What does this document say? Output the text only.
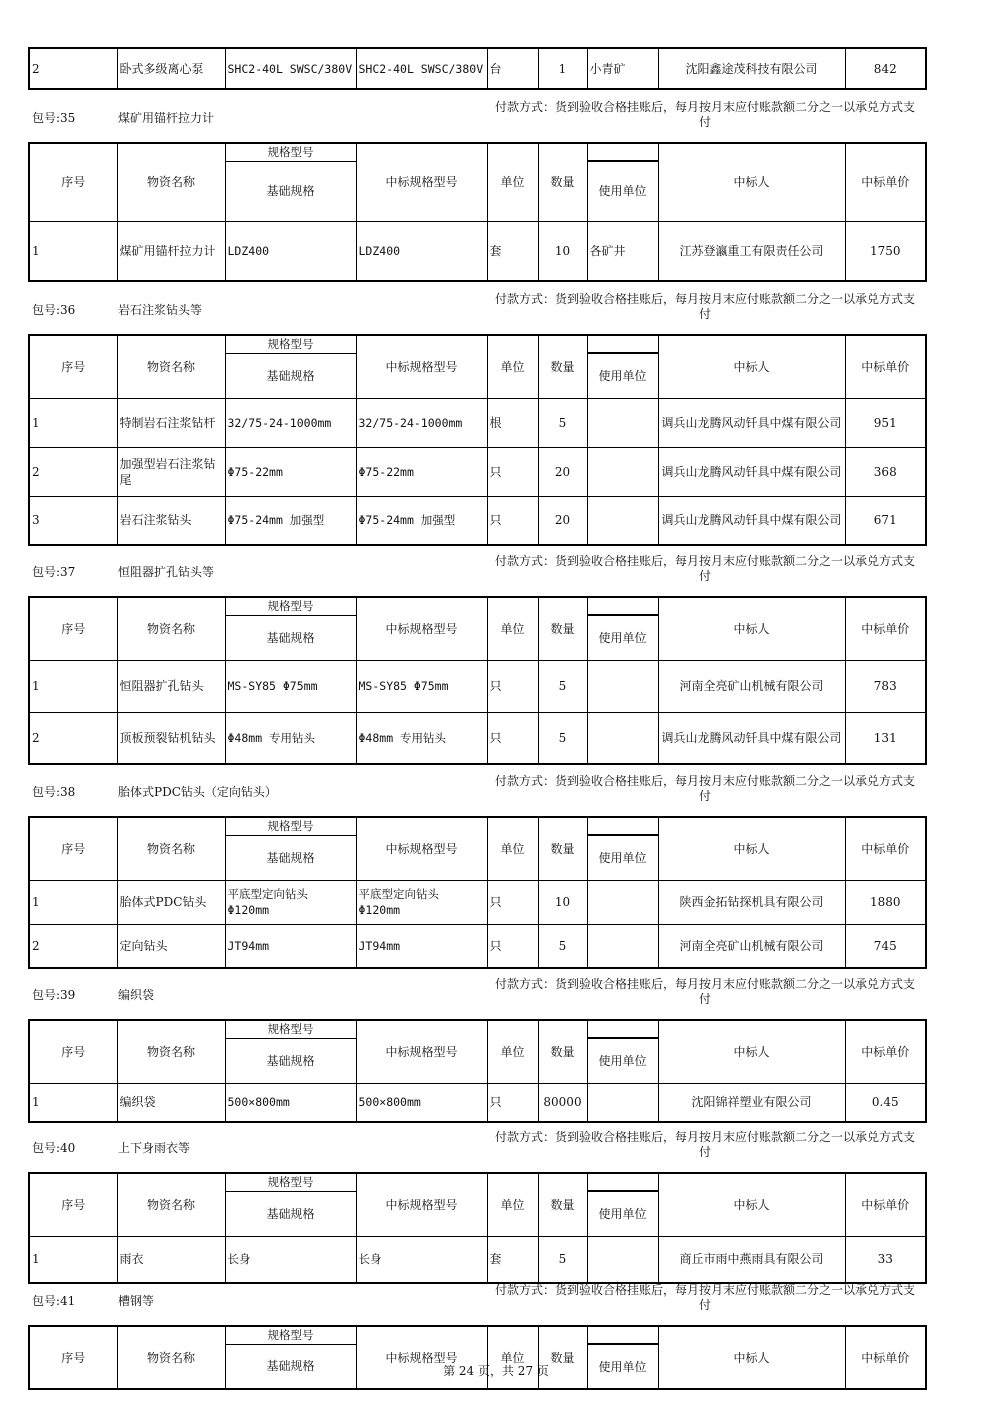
2	卧式多级离心泵	SHC2-40L SWSC/380V	SHC2-40L SWSC/380V	台	1	小青矿	沈阳鑫途茂科技有限公司	842
包号:35	煤矿用锚杆拉力计
付款方式：货到验收合格挂账后，每月按月末应付账款额二分之一以承兑方式支付
序号	物资名称	规格型号	中标规格型号	单位	数量		中标人	中标单价
		基础规格				使用单位		
1	煤矿用锚杆拉力计	LDZ400	LDZ400	套	10	各矿井	江苏登瀛重工有限责任公司	1750
包号:36	岩石注浆钻头等
付款方式：货到验收合格挂账后，每月按月末应付账款额二分之一以承兑方式支付
序号	物资名称	规格型号	中标规格型号	单位	数量		中标人	中标单价
		基础规格				使用单位		
1	特制岩石注浆钻杆	32/75-24-1000mm	32/75-24-1000mm	根	5		调兵山龙腾风动钎具中煤有限公司	951
2	加强型岩石注浆钻尾	Φ75-22mm	Φ75-22mm	只	20		调兵山龙腾风动钎具中煤有限公司	368
3	岩石注浆钻头	Φ75-24mm 加强型	Φ75-24mm 加强型	只	20		调兵山龙腾风动钎具中煤有限公司	671
包号:37	恒阻器扩孔钻头等
付款方式：货到验收合格挂账后，每月按月末应付账款额二分之一以承兑方式支付
序号	物资名称	规格型号	中标规格型号	单位	数量		中标人	中标单价
		基础规格				使用单位		
1	恒阻器扩孔钻头	MS-SY85 Φ75mm	MS-SY85 Φ75mm	只	5		河南全亮矿山机械有限公司	783
2	顶板预裂钻机钻头	Φ48mm 专用钻头	Φ48mm 专用钻头	只	5		调兵山龙腾风动钎具中煤有限公司	131
包号:38	胎体式PDC钻头（定向钻头）
付款方式：货到验收合格挂账后，每月按月末应付账款额二分之一以承兑方式支付
序号	物资名称	规格型号	中标规格型号	单位	数量		中标人	中标单价
		基础规格				使用单位		
1	胎体式PDC钻头	平底型定向钻头 Φ120mm	平底型定向钻头 Φ120mm	只	10		陕西金拓钻探机具有限公司	1880
2	定向钻头	JT94mm	JT94mm	只	5		河南全亮矿山机械有限公司	745
包号:39	编织袋
付款方式：货到验收合格挂账后，每月按月末应付账款额二分之一以承兑方式支付
序号	物资名称	规格型号	中标规格型号	单位	数量		中标人	中标单价
		基础规格				使用单位		
1	编织袋	500×800mm	500×800mm	只	80000		沈阳锦祥塑业有限公司	0.45
包号:40	上下身雨衣等
付款方式：货到验收合格挂账后，每月按月末应付账款额二分之一以承兑方式支付
序号	物资名称	规格型号	中标规格型号	单位	数量		中标人	中标单价
		基础规格				使用单位		
1	雨衣	长身	长身	套	5		商丘市雨中燕雨具有限公司	33
包号:41	槽钢等
付款方式：货到验收合格挂账后，每月按月末应付账款额二分之一以承兑方式支付
序号	物资名称	规格型号	中标规格型号	单位	数量		中标人	中标单价
		基础规格				使用单位		
第 24 页，共 27 页
